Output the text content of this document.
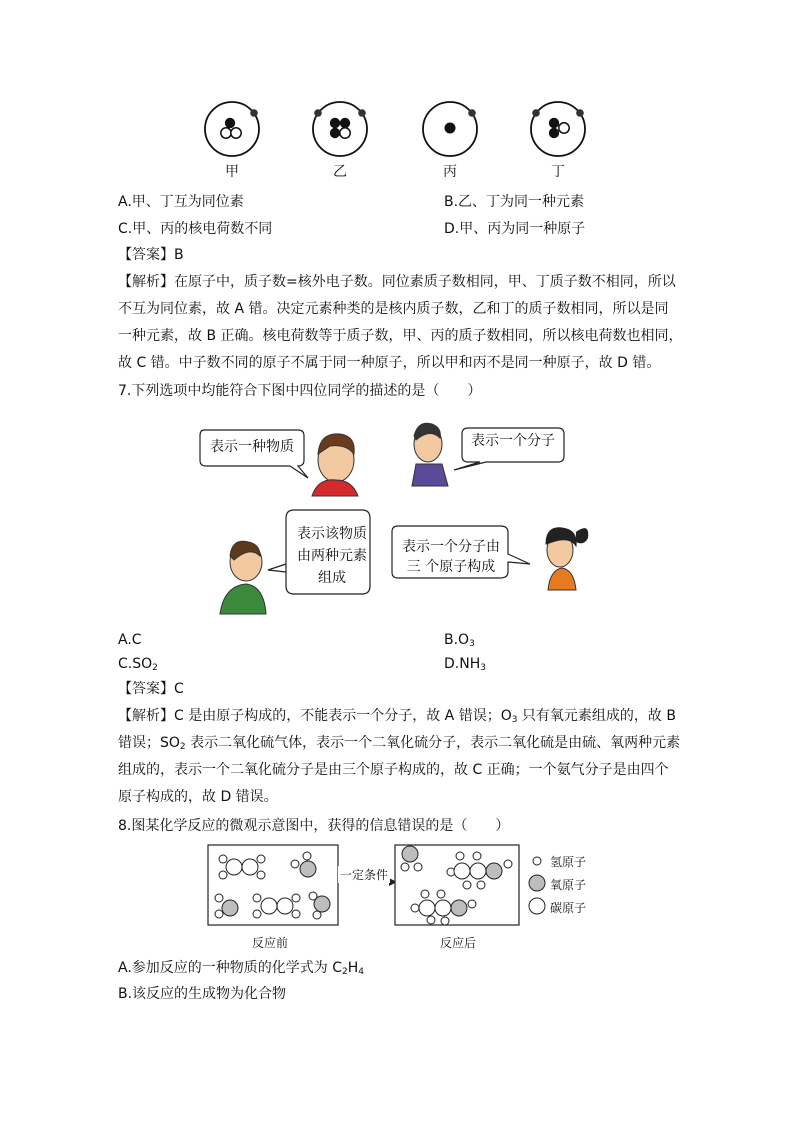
甲	乙	丙	丁
A.甲、丁互为同位素	B.乙、丁为同一种元素
C.甲、丙的核电荷数不同	D.甲、丙为同一种原子
【答案】B
【解析】在原子中，质子数=核外电子数。同位素质子数相同，甲、丁质子数不相同，所以
不互为同位素，故 A 错。决定元素种类的是核内质子数，乙和丁的质子数相同，所以是同
一种元素，故 B 正确。核电荷数等于质子数，甲、丙的质子数相同，所以核电荷数也相同，
故 C 错。中子数不同的原子不属于同一种原子，所以甲和丙不是同一种原子，故 D 错。
7.下列选项中均能符合下图中四位同学的描述的是（　　）
表示一种物质	表示一个分子
表示该物质
由两种元素
组成
表示一个分子由
三 个原子构成
A.C	$B.O_3$
$C.SO_2$	$D.NH_3$
【答案】C
【解析】C 是由原子构成的，不能表示一个分子，故 A 错误；$O_3$ 只有氧元素组成的，故 B
错误；$SO_2$ 表示二氧化硫气体，表示一个二氧化硫分子，表示二氧化硫是由硫、氧两种元素
组成的，表示一个二氧化硫分子是由三个原子构成的，故 C 正确；一个氨气分子是由四个
原子构成的，故 D 错误。
8.图某化学反应的微观示意图中，获得的信息错误的是（　　）
一定条件
氢原子
氧原子
碳原子
反应前	反应后
A.参加反应的一种物质的化学式为 $C_2H_4$
B.该反应的生成物为化合物
